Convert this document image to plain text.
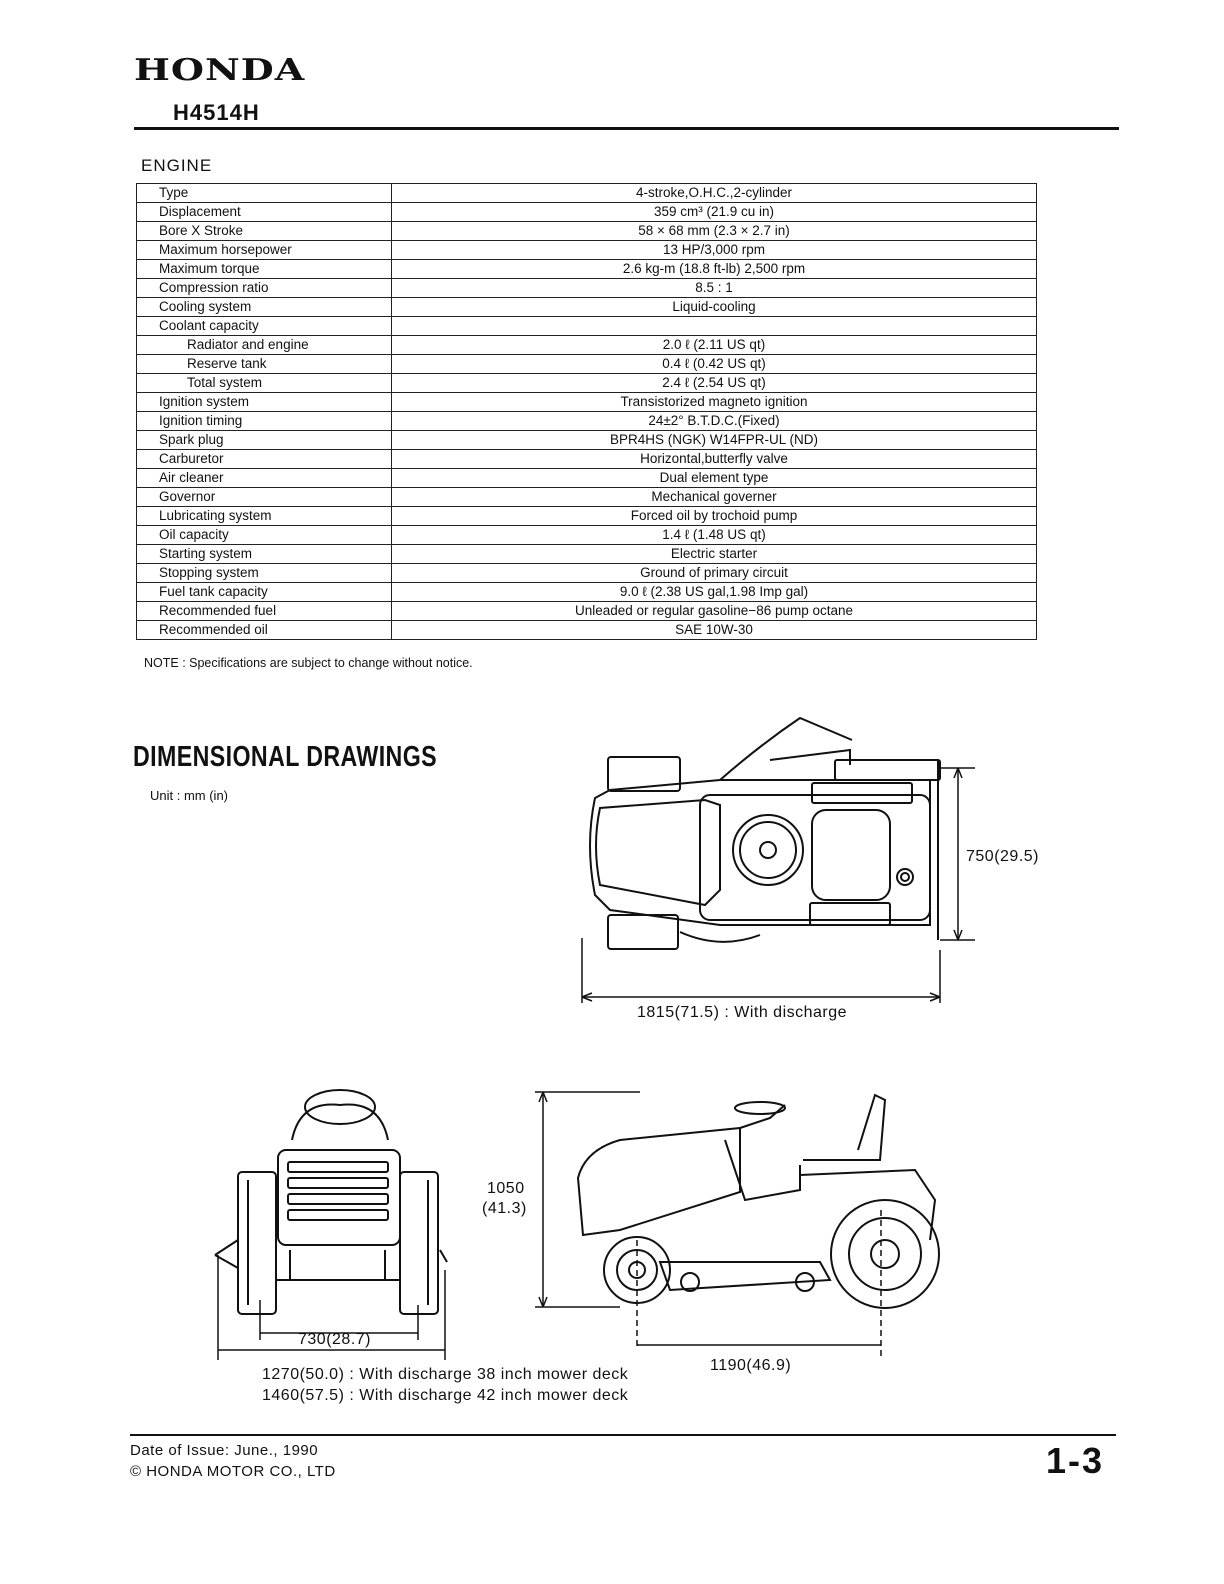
HONDA
H4514H
ENGINE
Type	4-stroke,O.H.C.,2-cylinder
Displacement	359 cm³ (21.9 cu in)
Bore X Stroke	58 × 68 mm (2.3 × 2.7 in)
Maximum horsepower	13 HP/3,000 rpm
Maximum torque	2.6 kg-m (18.8 ft-lb) 2,500 rpm
Compression ratio	8.5 : 1
Cooling system	Liquid-cooling
Coolant capacity	
Radiator and engine	2.0 ℓ (2.11 US qt)
Reserve tank	0.4 ℓ (0.42 US qt)
Total system	2.4 ℓ (2.54 US qt)
Ignition system	Transistorized magneto ignition
Ignition timing	24±2° B.T.D.C.(Fixed)
Spark plug	BPR4HS (NGK) W14FPR-UL (ND)
Carburetor	Horizontal,butterfly valve
Air cleaner	Dual element type
Governor	Mechanical governer
Lubricating system	Forced oil by trochoid pump
Oil capacity	1.4 ℓ (1.48 US qt)
Starting system	Electric starter
Stopping system	Ground of primary circuit
Fuel tank capacity	9.0 ℓ (2.38 US gal,1.98 Imp gal)
Recommended fuel	Unleaded or regular gasoline−86 pump octane
Recommended oil	SAE 10W-30
NOTE : Specifications are subject to change without notice.
DIMENSIONAL DRAWINGS
Unit : mm (in)
750(29.5)
1815(71.5) : With discharge
1050
(41.3)
730(28.7)
1270(50.0) : With discharge 38 inch mower deck
1460(57.5) : With discharge 42 inch mower deck
1190(46.9)
Date of Issue: June., 1990
© HONDA MOTOR CO., LTD	1-3
